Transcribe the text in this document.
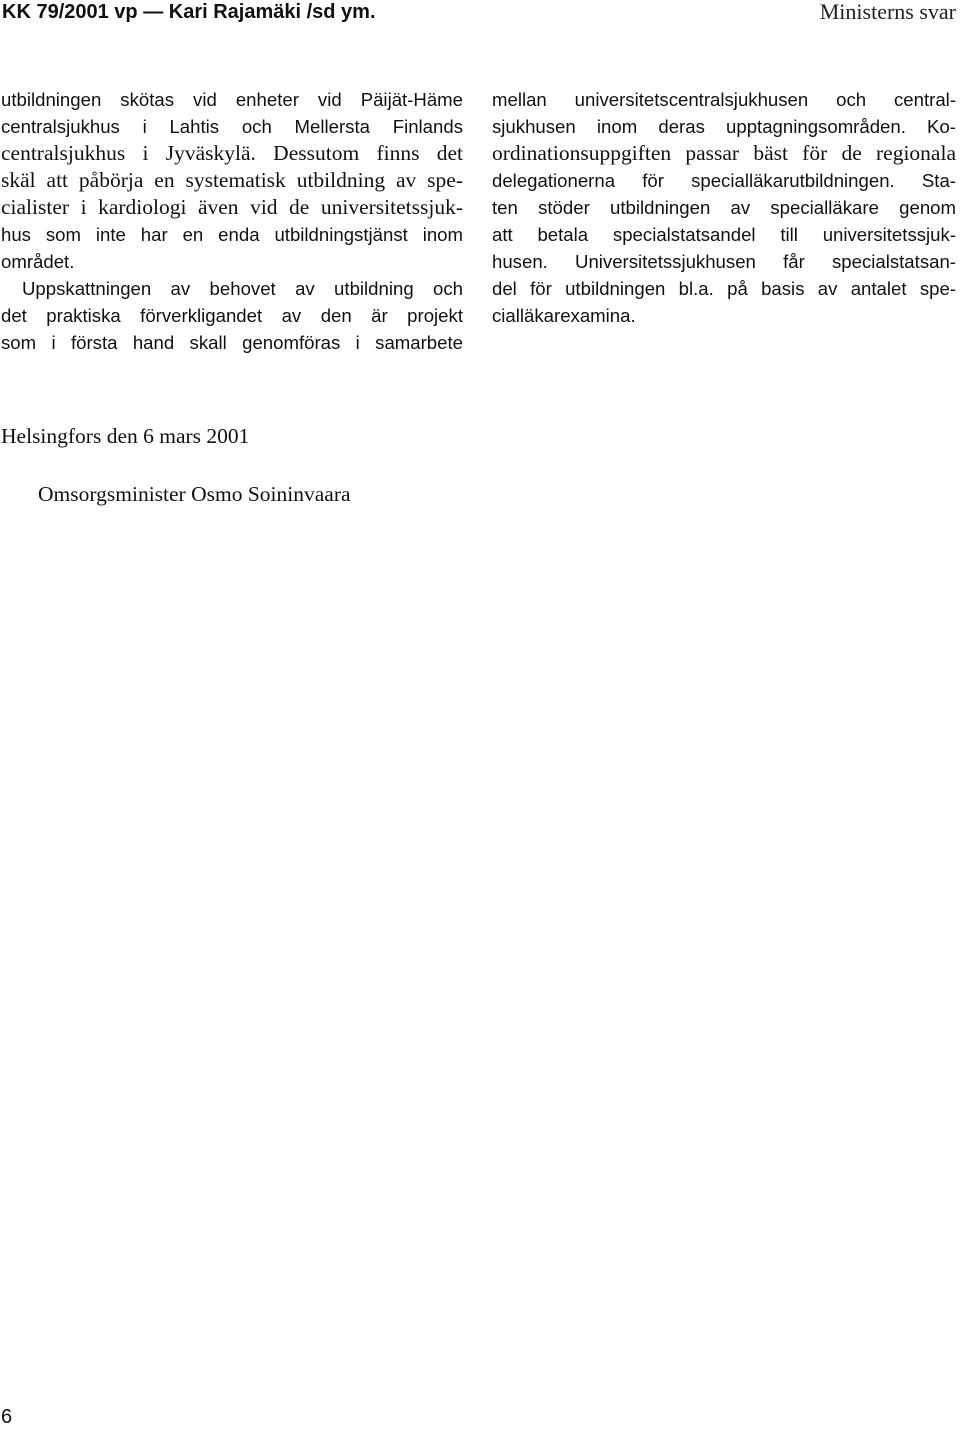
KK 79/2001 vp — Kari Rajamäki /sd ym.	Ministerns svar
utbildningen skötas vid enheter vid Päijät-Häme
centralsjukhus i Lahtis och Mellersta Finlands
centralsjukhus i Jyväskylä. Dessutom finns det
skäl att påbörja en systematisk utbildning av spe-
cialister i kardiologi även vid de universitetssjuk-
hus som inte har en enda utbildningstjänst inom
området.
Uppskattningen av behovet av utbildning och
det praktiska förverkligandet av den är projekt
som i första hand skall genomföras i samarbete
mellan universitetscentralsjukhusen och central-
sjukhusen inom deras upptagningsområden. Ko-
ordinationsuppgiften passar bäst för de regionala
delegationerna för specialläkarutbildningen. Sta-
ten stöder utbildningen av specialläkare genom
att betala specialstatsandel till universitetssjuk-
husen. Universitetssjukhusen får specialstatsan-
del för utbildningen bl.a. på basis av antalet spe-
cialläkarexamina.
Helsingfors den 6 mars 2001
Omsorgsminister Osmo Soininvaara
6
